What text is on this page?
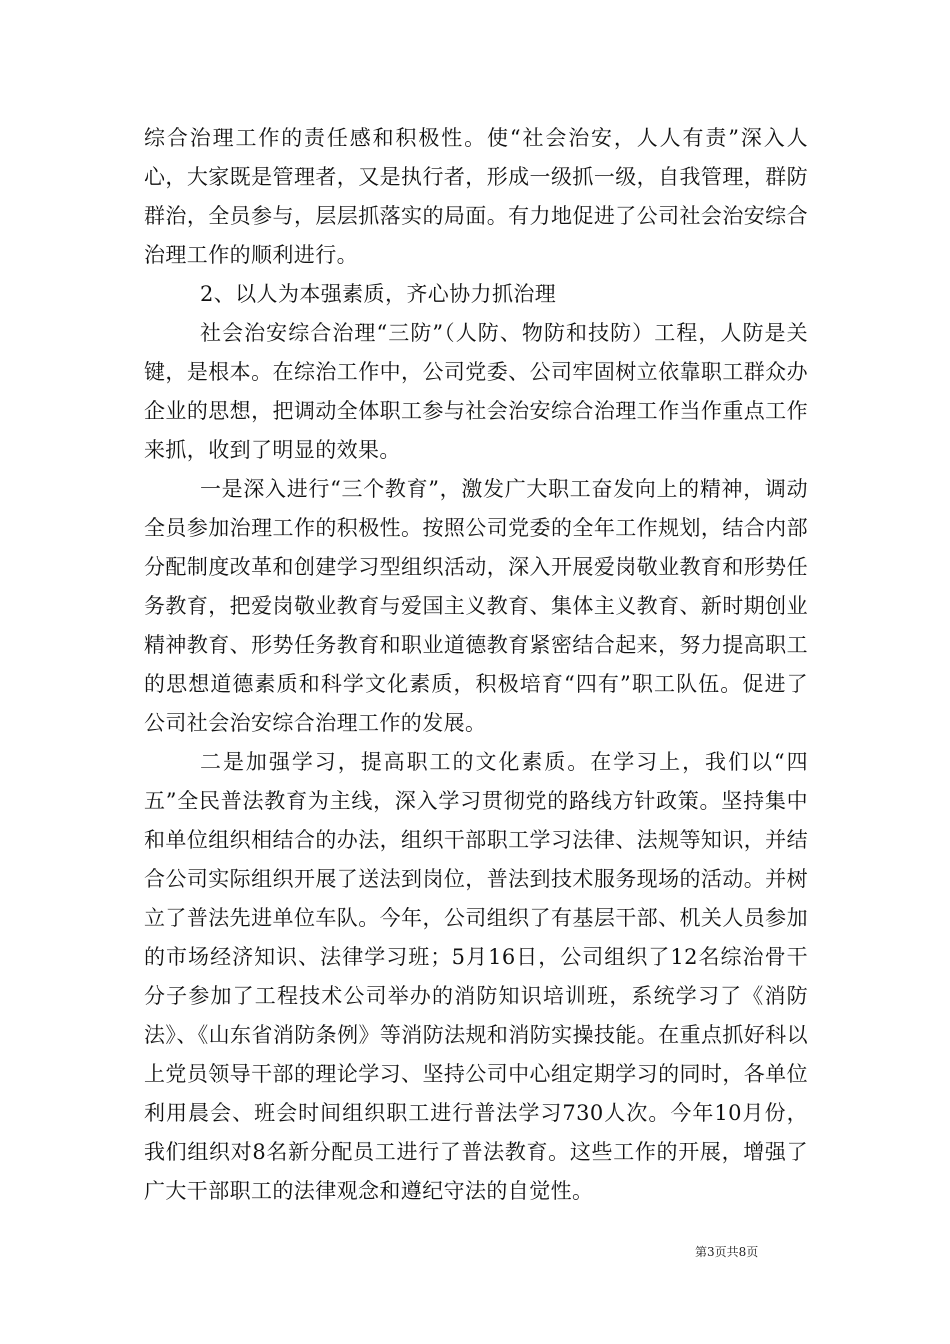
综合治理工作的责任感和积极性。使“社会治安，人人有责”深入人心，大家既是管理者，又是执行者，形成一级抓一级，自我管理，群防群治，全员参与，层层抓落实的局面。有力地促进了公司社会治安综合治理工作的顺利进行。

2、以人为本强素质，齐心协力抓治理

社会治安综合治理“三防”（人防、物防和技防）工程，人防是关键，是根本。在综治工作中，公司党委、公司牢固树立依靠职工群众办企业的思想，把调动全体职工参与社会治安综合治理工作当作重点工作来抓，收到了明显的效果。

一是深入进行“三个教育”，激发广大职工奋发向上的精神，调动全员参加治理工作的积极性。按照公司党委的全年工作规划，结合内部分配制度改革和创建学习型组织活动，深入开展爱岗敬业教育和形势任务教育，把爱岗敬业教育与爱国主义教育、集体主义教育、新时期创业精神教育、形势任务教育和职业道德教育紧密结合起来，努力提高职工的思想道德素质和科学文化素质，积极培育“四有”职工队伍。促进了公司社会治安综合治理工作的发展。

二是加强学习，提高职工的文化素质。在学习上，我们以“四五”全民普法教育为主线，深入学习贯彻党的路线方针政策。坚持集中和单位组织相结合的办法，组织干部职工学习法律、法规等知识，并结合公司实际组织开展了送法到岗位，普法到技术服务现场的活动。并树立了普法先进单位车队。今年，公司组织了有基层干部、机关人员参加的市场经济知识、法律学习班；5月16日，公司组织了12名综治骨干分子参加了工程技术公司举办的消防知识培训班，系统学习了《消防法》、《山东省消防条例》等消防法规和消防实操技能。在重点抓好科以上党员领导干部的理论学习、坚持公司中心组定期学习的同时，各单位利用晨会、班会时间组织职工进行普法学习730人次。今年10月份，我们组织对8名新分配员工进行了普法教育。这些工作的开展，增强了广大干部职工的法律观念和遵纪守法的自觉性。

第3页共8页
